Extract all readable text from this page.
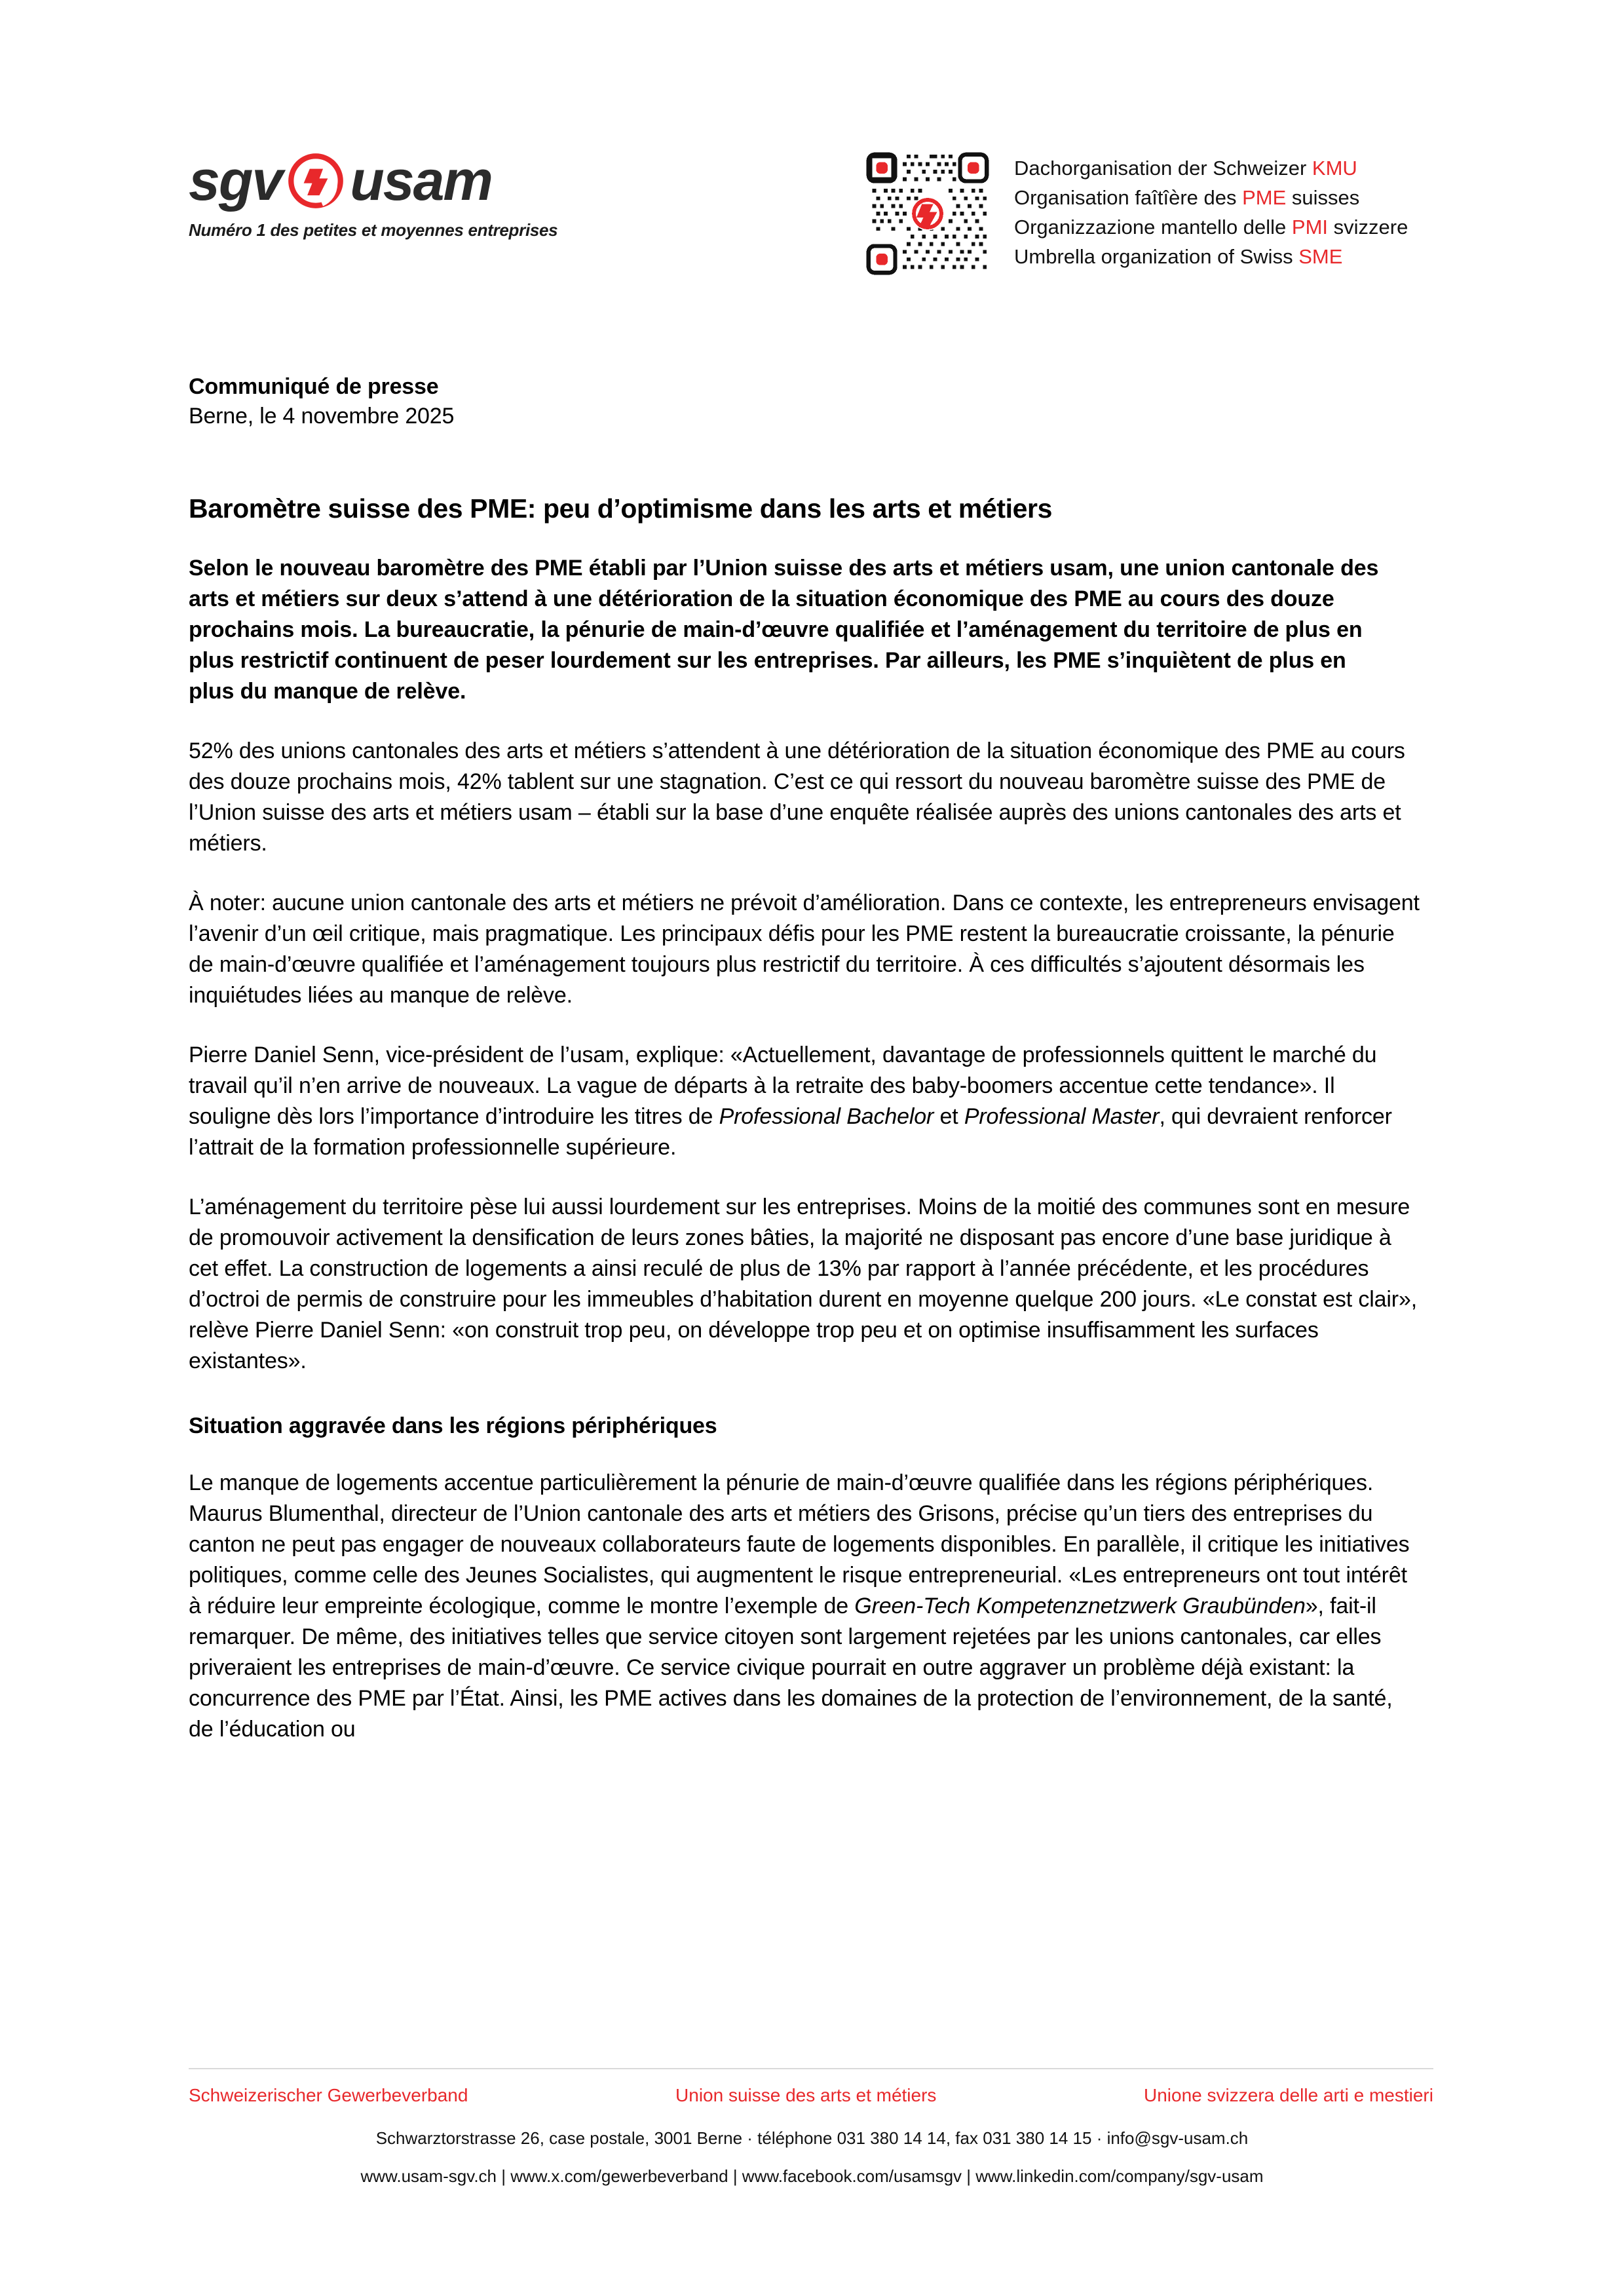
sgv usam
Numéro 1 des petites et moyennes entreprises
Dachorganisation der Schweizer KMU
Organisation faîtîère des PME suisses
Organizzazione mantello delle PMI svizzere
Umbrella organization of Swiss SME
Communiqué de presse
Berne, le 4 novembre 2025
Baromètre suisse des PME: peu d’optimisme dans les arts et métiers

Selon le nouveau baromètre des PME établi par l’Union suisse des arts et métiers usam, une union cantonale des arts et métiers sur deux s’attend à une détérioration de la situation économique des PME au cours des douze prochains mois. La bureaucratie, la pénurie de main-d’œuvre qualifiée et l’aménagement du territoire de plus en plus restrictif continuent de peser lourdement sur les entreprises. Par ailleurs, les PME s’inquiètent de plus en plus du manque de relève.

52% des unions cantonales des arts et métiers s’attendent à une détérioration de la situation économique des PME au cours des douze prochains mois, 42% tablent sur une stagnation. C’est ce qui ressort du nouveau baromètre suisse des PME de l’Union suisse des arts et métiers usam – établi sur la base d’une enquête réalisée auprès des unions cantonales des arts et métiers.

À noter: aucune union cantonale des arts et métiers ne prévoit d’amélioration. Dans ce contexte, les entrepreneurs envisagent l’avenir d’un œil critique, mais pragmatique. Les principaux défis pour les PME restent la bureaucratie croissante, la pénurie de main-d’œuvre qualifiée et l’aménagement toujours plus restrictif du territoire. À ces difficultés s’ajoutent désormais les inquiétudes liées au manque de relève.

Pierre Daniel Senn, vice-président de l’usam, explique: «Actuellement, davantage de professionnels quittent le marché du travail qu’il n’en arrive de nouveaux. La vague de départs à la retraite des baby-boomers accentue cette tendance». Il souligne dès lors l’importance d’introduire les titres de Professional Bachelor et Professional Master, qui devraient renforcer l’attrait de la formation professionnelle supérieure.

L’aménagement du territoire pèse lui aussi lourdement sur les entreprises. Moins de la moitié des communes sont en mesure de promouvoir activement la densification de leurs zones bâties, la majorité ne disposant pas encore d’une base juridique à cet effet. La construction de logements a ainsi reculé de plus de 13% par rapport à l’année précédente, et les procédures d’octroi de permis de construire pour les immeubles d’habitation durent en moyenne quelque 200 jours. «Le constat est clair», relève Pierre Daniel Senn: «on construit trop peu, on développe trop peu et on optimise insuffisamment les surfaces existantes».

Situation aggravée dans les régions périphériques

Le manque de logements accentue particulièrement la pénurie de main-d’œuvre qualifiée dans les régions périphériques. Maurus Blumenthal, directeur de l’Union cantonale des arts et métiers des Grisons, précise qu’un tiers des entreprises du canton ne peut pas engager de nouveaux collaborateurs faute de logements disponibles. En parallèle, il critique les initiatives politiques, comme celle des Jeunes Socialistes, qui augmentent le risque entrepreneurial. «Les entrepreneurs ont tout intérêt à réduire leur empreinte écologique, comme le montre l’exemple de Green-Tech Kompetenznetzwerk Graubünden», fait-il remarquer. De même, des initiatives telles que service citoyen sont largement rejetées par les unions cantonales, car elles priveraient les entreprises de main-d’œuvre. Ce service civique pourrait en outre aggraver un problème déjà existant: la concurrence des PME par l’État. Ainsi, les PME actives dans les domaines de la protection de l’environnement, de la santé, de l’éducation ou

Schweizerischer Gewerbeverband	Union suisse des arts et métiers	Unione svizzera delle arti e mestieri
Schwarztorstrasse 26, case postale, 3001 Berne · téléphone 031 380 14 14, fax 031 380 14 15 · info@sgv-usam.ch
www.usam-sgv.ch | www.x.com/gewerbeverband | www.facebook.com/usamsgv | www.linkedin.com/company/sgv-usam
